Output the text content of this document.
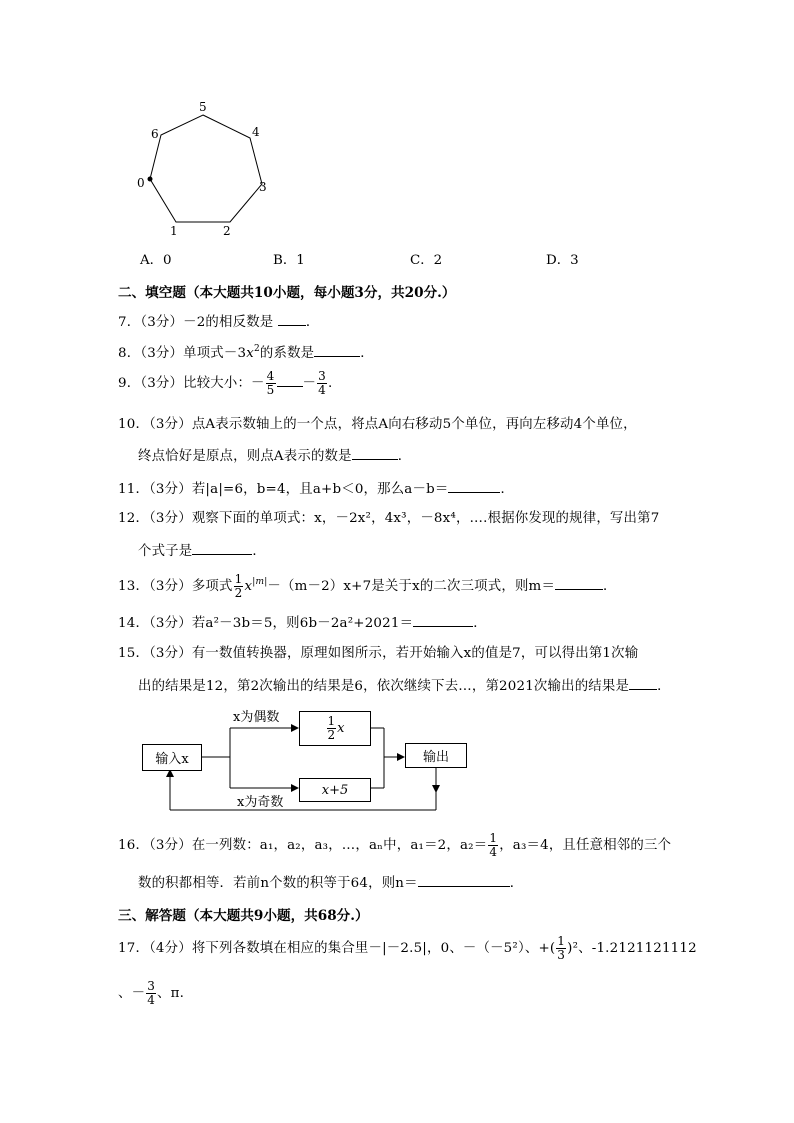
5
4
3
2
1
0
6
A．0	B．1	C．2	D．3
二、填空题（本大题共10小题，每小题3分，共20分.）
7．（3分）－2的相反数是 ．
8．（3分）单项式$-3x^2$的系数是	．
9．（3分）比较大小：－ $\frac{4}{5} - \frac{3}{4}$ .
10．（3分）点A表示数轴上的一个点，将点A向右移动5个单位，再向左移动4个单位，
终点恰好是原点，则点A表示的数是	．
11．（3分）若|a|=6，b=4，且a+b＜0，那么a－b＝	．
12．（3分）观察下面的单项式：x，－2x²，4x³，－8x⁴，….根据你发现的规律，写出第7
个式子是	．
13．（3分）多项式 $\frac{1}{2} x^{|m|}-(m-2)x+7$是关于x的二次三项式，则m＝	．
14．（3分）若a²－3b＝5，则6b－2a²+2021＝	．
15．（3分）有一数值转换器，原理如图所示，若开始输入x的值是7，可以得出第1次输
出的结果是12，第2次输出的结果是6，依次继续下去…，第2021次输出的结果是 ．
输入x
$\frac{1}{2}$ x
x+5
输出
x为偶数
x为奇数
16．（3分）在一列数：a₁，a₂，a₃，…，aₙ中，a₁＝2，$a_2= \frac{1}{4}$ ，a₃＝4，且任意相邻的三个
数的积都相等．若前n个数的积等于64，则n＝	．
三、解答题（本大题共9小题，共68分.）
17．（4分）将下列各数填在相应的集合里－|－2.5|，0、－（－5²）、+( $\frac{1}{3} )^2$、-1.2121121112
、－ $\frac{3}{4}$ 、π.
